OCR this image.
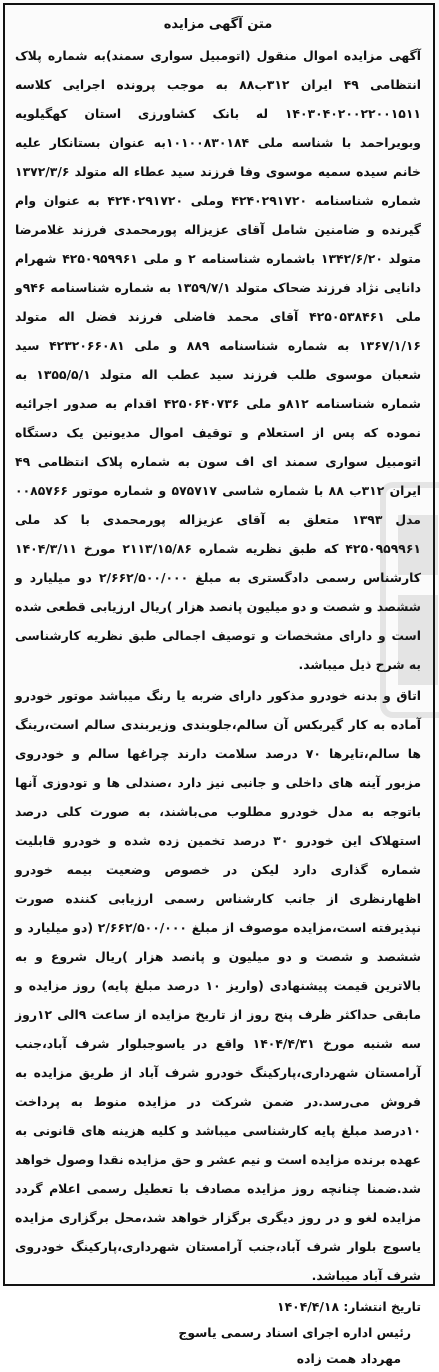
متن آگهی مزایده

آگهی مزایده اموال منقول (اتومبیل سواری سمند)به شماره پلاک انتظامی ۴۹ ایران ۳۱۲ب۸۸ به موجب پرونده اجرایی کلاسه ۱۴۰۳۰۴۰۲۰۰۲۲۰۰۱۵۱۱ له بانک کشاورزی استان کهگیلویه وبویراحمد با شناسه ملی ۱۰۱۰۰۸۳۰۱۸۴به عنوان بستانکار علیه خانم سیده سمیه موسوی وفا فرزند سید عطاء اله متولد ۱۳۷۲/۳/۶ شماره شناسنامه ۴۲۴۰۲۹۱۷۲۰ وملی ۴۲۴۰۲۹۱۷۲۰ به عنوان وام گیرنده و ضامنین شامل آقای عزیزاله پورمحمدی فرزند غلامرضا متولد ۱۳۴۲/۶/۲۰ باشماره شناسنامه ۲ و ملی ۴۲۵۰۹۵۹۹۶۱ شهرام دانایی نژاد فرزند ضحاک متولد ۱۳۵۹/۷/۱ به شماره شناسنامه ۹۴۶و ملی ۴۲۵۰۵۳۸۴۶۱ آقای محمد فاضلی فرزند فضل اله متولد ۱۳۶۷/۱/۱۶ به شماره شناسنامه ۸۸۹ و ملی ۴۲۳۲۰۶۶۰۸۱ سید شعبان موسوی طلب فرزند سید عطب اله متولد ۱۳۵۵/۵/۱ به شماره شناسنامه ۸۱۲و ملی ۴۲۵۰۶۴۰۷۳۶ اقدام به صدور اجرائیه نموده که پس از استعلام و توقیف اموال مدیونین یک دستگاه اتومبیل سواری سمند ای اف سون به شماره پلاک انتظامی ۴۹ ایران ۳۱۲ب ۸۸ با شماره شاسی ۵۷۵۷۱۷ و شماره موتور ۰۰۸۵۷۶۶ مدل ۱۳۹۳ متعلق به آقای عزیزاله پورمحمدی با کد ملی ۴۲۵۰۹۵۹۹۶۱ که طبق نظریه شماره ۲۱۱۳/۱۵/۸۶ مورخ ۱۴۰۴/۳/۱۱ کارشناس رسمی دادگستری به مبلغ ۲/۶۶۲/۵۰۰/۰۰۰ دو میلیارد و ششصد و شصت و دو میلیون پانصد هزار )ریال ارزیابی قطعی شده است و دارای مشخصات و توصیف اجمالی طبق نظریه کارشناسی به شرح ذیل میباشد.

اتاق و بدنه خودرو مذکور دارای ضربه یا رنگ میباشد موتور خودرو آماده به کار گیربکس آن سالم،جلوبندی وزیربندی سالم است،رینگ ها سالم،تایرها ۷۰ درصد سلامت دارند چراغها سالم و خودروی مزبور آینه های داخلی و جانبی نیز دارد ،صندلی ها و تودوزی آنها باتوجه به مدل خودرو مطلوب می‌باشند، به صورت کلی درصد استهلاک این خودرو ۳۰ درصد تخمین زده شده و خودرو قابلیت شماره گذاری دارد لیکن در خصوص وضعیت بیمه خودرو اظهارنظری از جانب کارشناس رسمی ارزیابی کننده صورت نپذیرفته است،مزایده موصوف از مبلغ ۲/۶۶۲/۵۰۰/۰۰۰ (دو میلیارد و ششصد و شصت و دو میلیون و پانصد هزار )ریال شروع و به بالاترین قیمت پیشنهادی (واریز ۱۰ درصد مبلغ پایه) روز مزایده و مابقی حداکثر ظرف پنج روز از تاریخ مزایده از ساعت ۹الی ۱۲روز سه شنبه مورخ ۱۴۰۴/۴/۳۱ واقع در یاسوجبلوار شرف آباد،جنب آرامستان شهرداری،پارکینگ خودرو شرف آباد از طریق مزایده به فروش می‌رسد.در ضمن شرکت در مزایده منوط به پرداخت ۱۰درصد مبلغ پایه کارشناسی میباشد و کلیه هزینه های قانونی به عهده برنده مزایده است و نیم عشر و حق مزایده نقدا وصول خواهد شد.ضمنا چنانچه روز مزایده مصادف با تعطیل رسمی اعلام گردد مزایده لغو و در روز دیگری برگزار خواهد شد،محل برگزاری مزایده یاسوج بلوار شرف آباد،جنب آرامستان شهرداری،پارکینگ خودروی شرف آباد میباشد.

تاریخ انتشار: ۱۴۰۴/۴/۱۸
رئیس اداره اجرای اسناد رسمی یاسوج
مهرداد همت زاده
